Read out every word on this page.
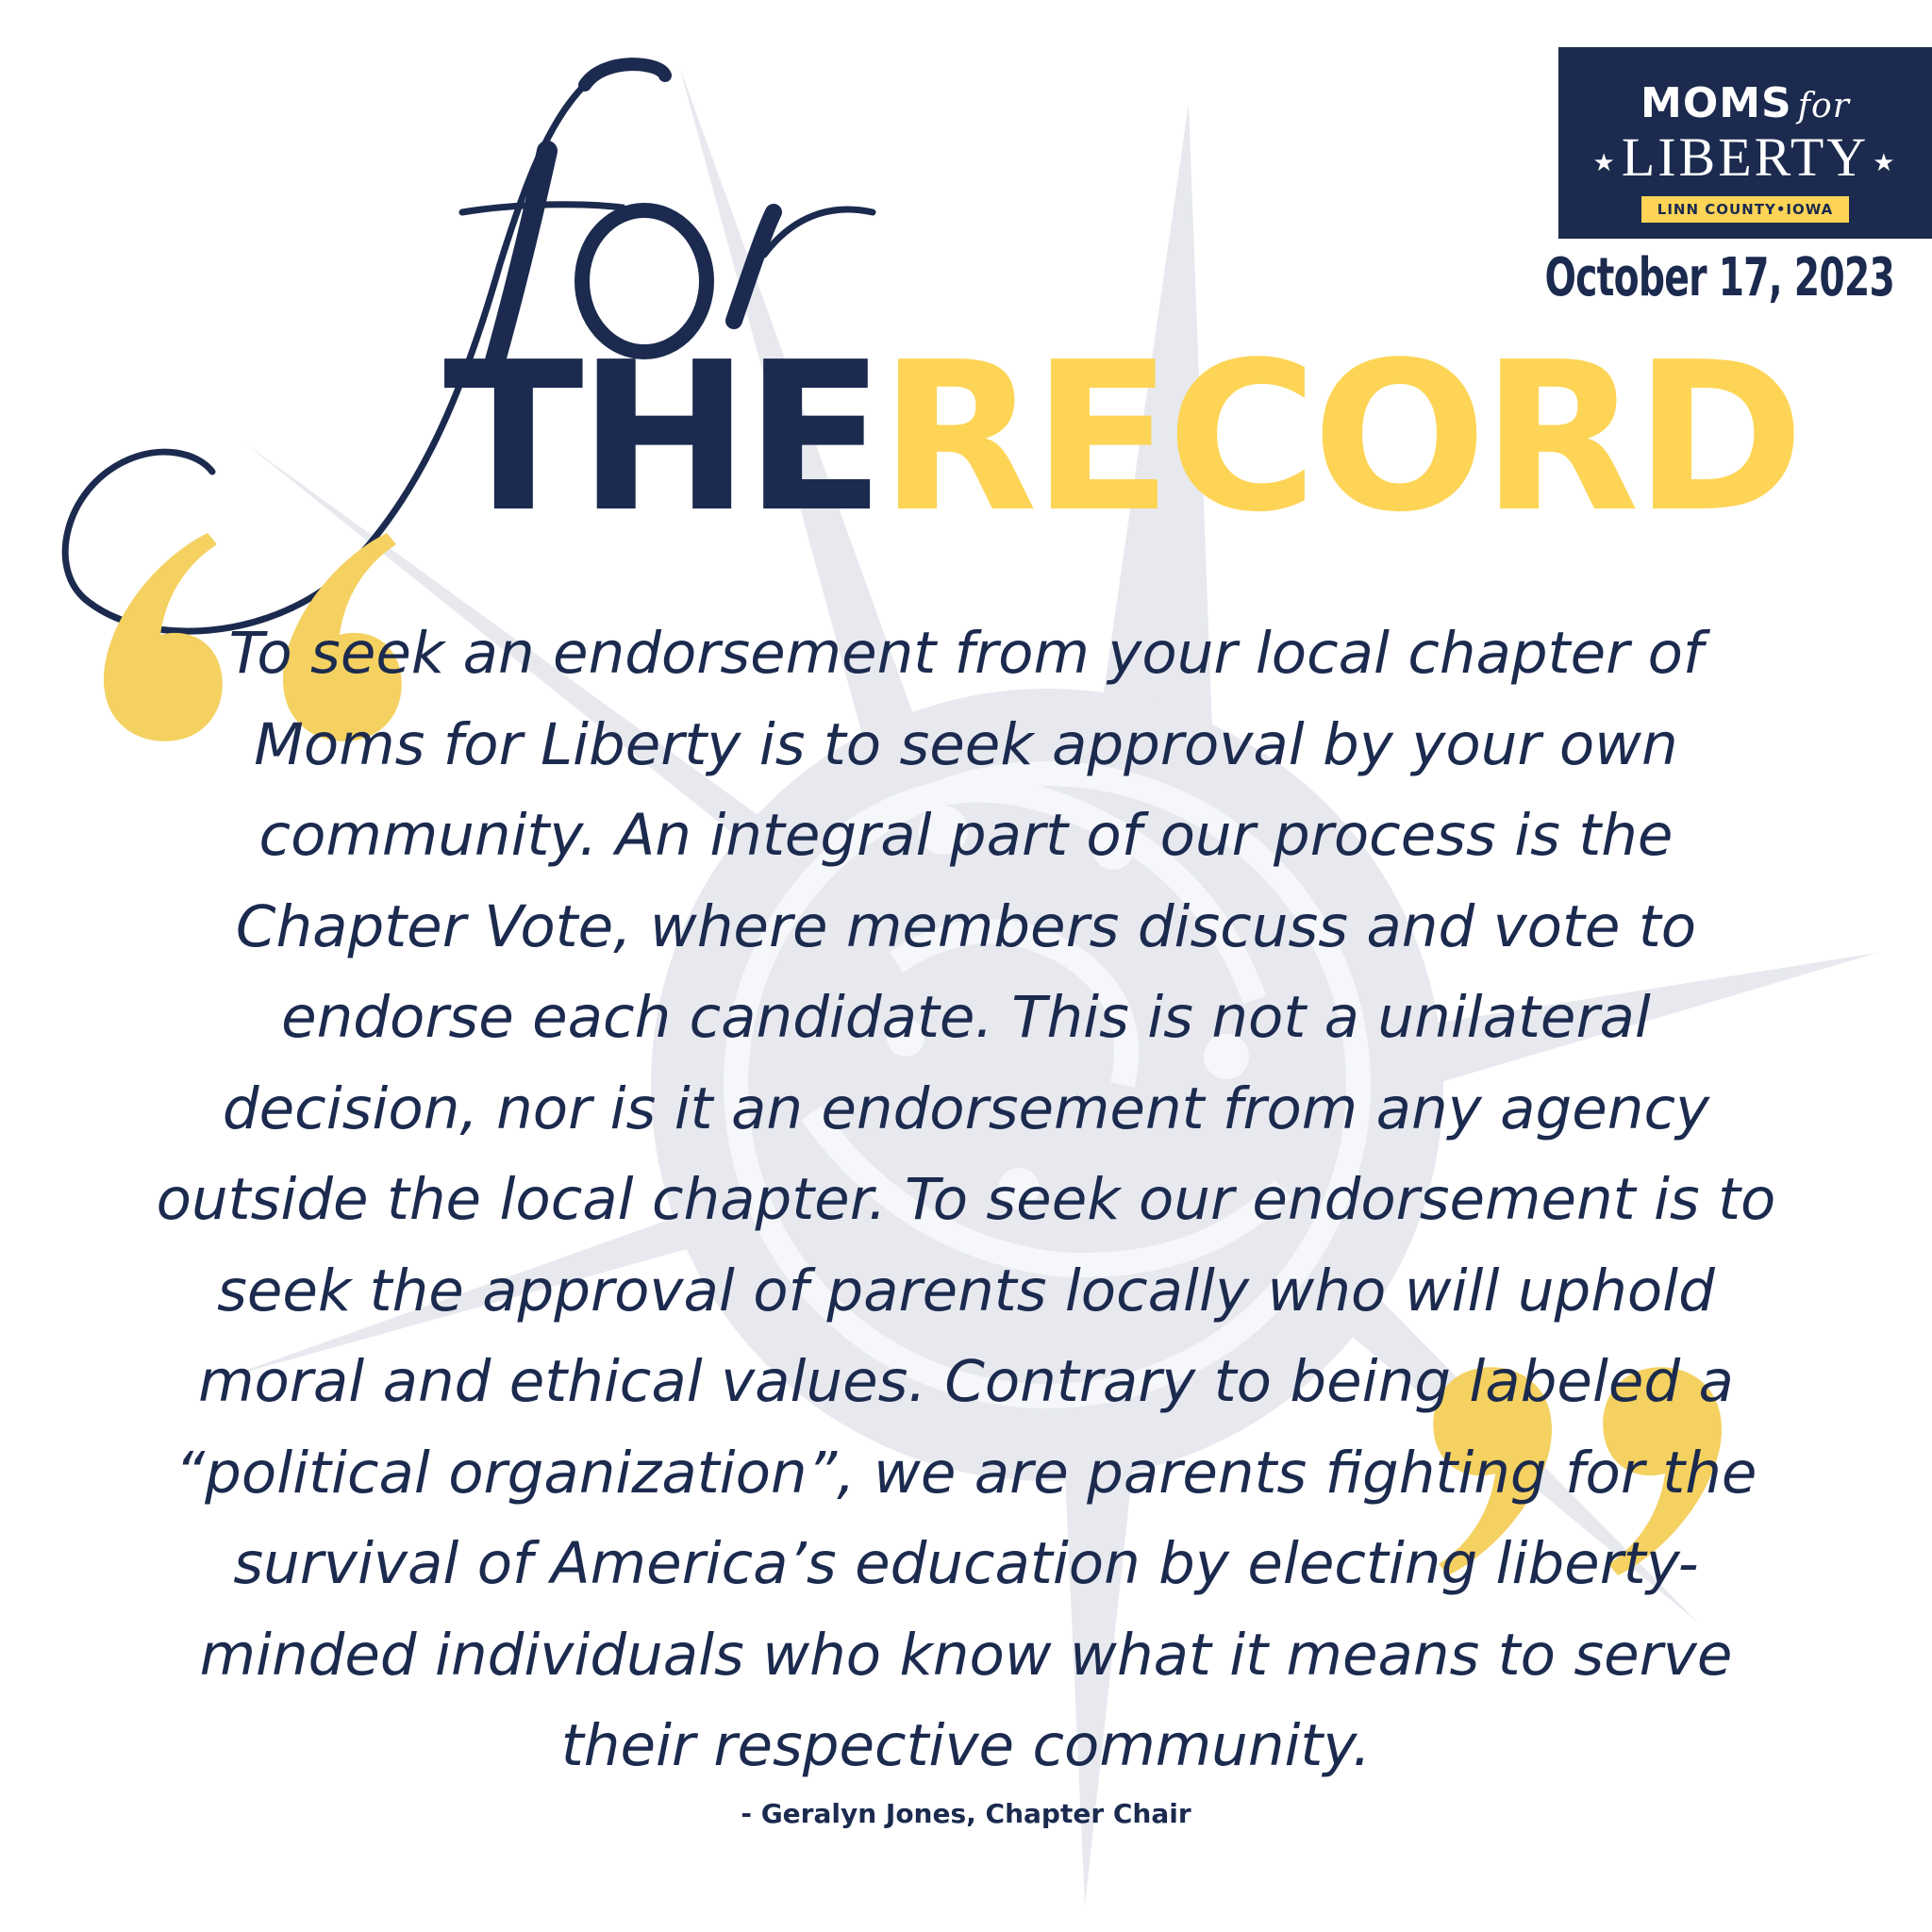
THERECORD
MOMS for
★LIBERTY ★
LINN COUNTY•IOWA
October 17, 2023
To seek an endorsement from your local chapter of
Moms for Liberty is to seek approval by your own
community. An integral part of our process is the
Chapter Vote, where members discuss and vote to
endorse each candidate. This is not a unilateral
decision, nor is it an endorsement from any agency
outside the local chapter. To seek our endorsement is to
seek the approval of parents locally who will uphold
moral and ethical values. Contrary to being labeled a
“political organization”, we are parents fighting for the
survival of America’s education by electing liberty-
minded individuals who know what it means to serve
their respective community.
- Geralyn Jones, Chapter Chair
